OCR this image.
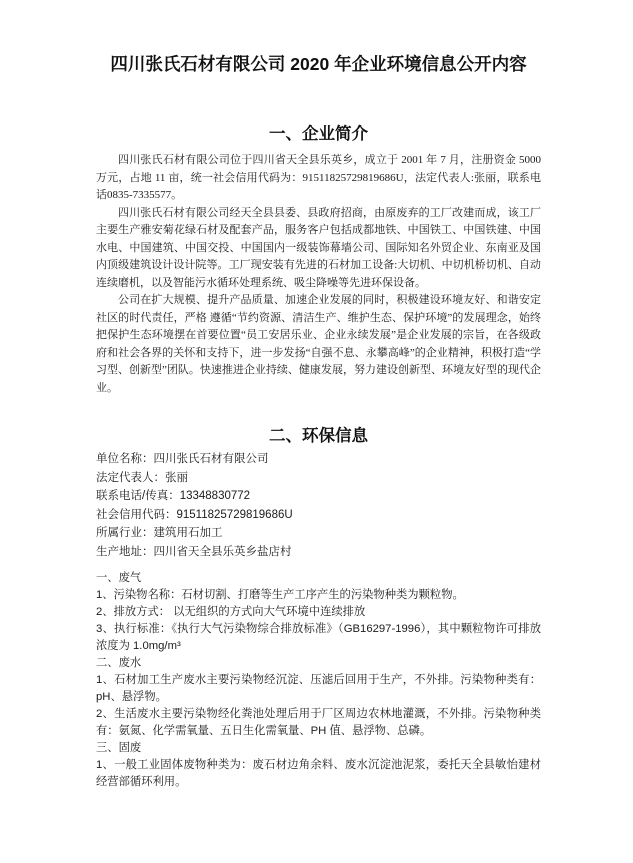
四川张氏石材有限公司 2020 年企业环境信息公开内容
一、企业简介

四川张氏石材有限公司位于四川省天全县乐英乡，成立于 2001 年 7 月，注册资金 5000 万元，占地 11 亩，统一社会信用代码为：91511825729819686U，法定代表人:张丽，联系电话0835-7335577。

四川张氏石材有限公司经天全县县委、县政府招商，由原废弃的工厂改建而成，该工厂主要生产雅安菊花绿石材及配套产品，服务客户包括成都地铁、中国铁工、中国铁建、中国水电、中国建筑、中国交投、中国国内一级装饰幕墙公司、国际知名外贸企业、东南亚及国内顶级建筑设计设计院等。工厂现安装有先进的石材加工设备:大切机、中切机桥切机、自动连续磨机，以及智能污水循环处理系统、吸尘降噪等先进环保设备。

公司在扩大规模、提升产品质量、加速企业发展的同时，积极建设环境友好、和谐安定社区的时代责任，严格 遵循“节约资源、清洁生产、维护生态、保护环境”的发展理念，始终把保护生态环境摆在首要位置“员工安居乐业、企业永续发展”是企业发展的宗旨，在各级政府和社会各界的关怀和支持下，进一步发扬“自强不息、永攀高峰”的企业精神，积极打造“学习型、创新型”团队。快速推进企业持续、健康发展，努力建设创新型、环境友好型的现代企业。

二、环保信息

单位名称：四川张氏石材有限公司

法定代表人：张丽

联系电话/传真：13348830772

社会信用代码：91511825729819686U

所属行业：建筑用石加工

生产地址：四川省天全县乐英乡盐店村

一、废气

1、污染物名称：石材切割、打磨等生产工序产生的污染物种类为颗粒物。

2、排放方式： 以无组织的方式向大气环境中连续排放

3、执行标准：《执行大气污染物综合排放标准》（GB16297-1996），其中颗粒物许可排放浓度为 1.0mg/m³

二、废水

1、石材加工生产废水主要污染物经沉淀、压滤后回用于生产，不外排。污染物种类有：pH、悬浮物。

2、生活废水主要污染物经化粪池处理后用于厂区周边农林地灌溉，不外排。污染物种类有：氨氮、化学需氧量、五日生化需氧量、PH 值、悬浮物、总磷。

三、固废

1、一般工业固体废物种类为：废石材边角余料、废水沉淀池泥浆，委托天全县敏怡建材经营部循环利用。
